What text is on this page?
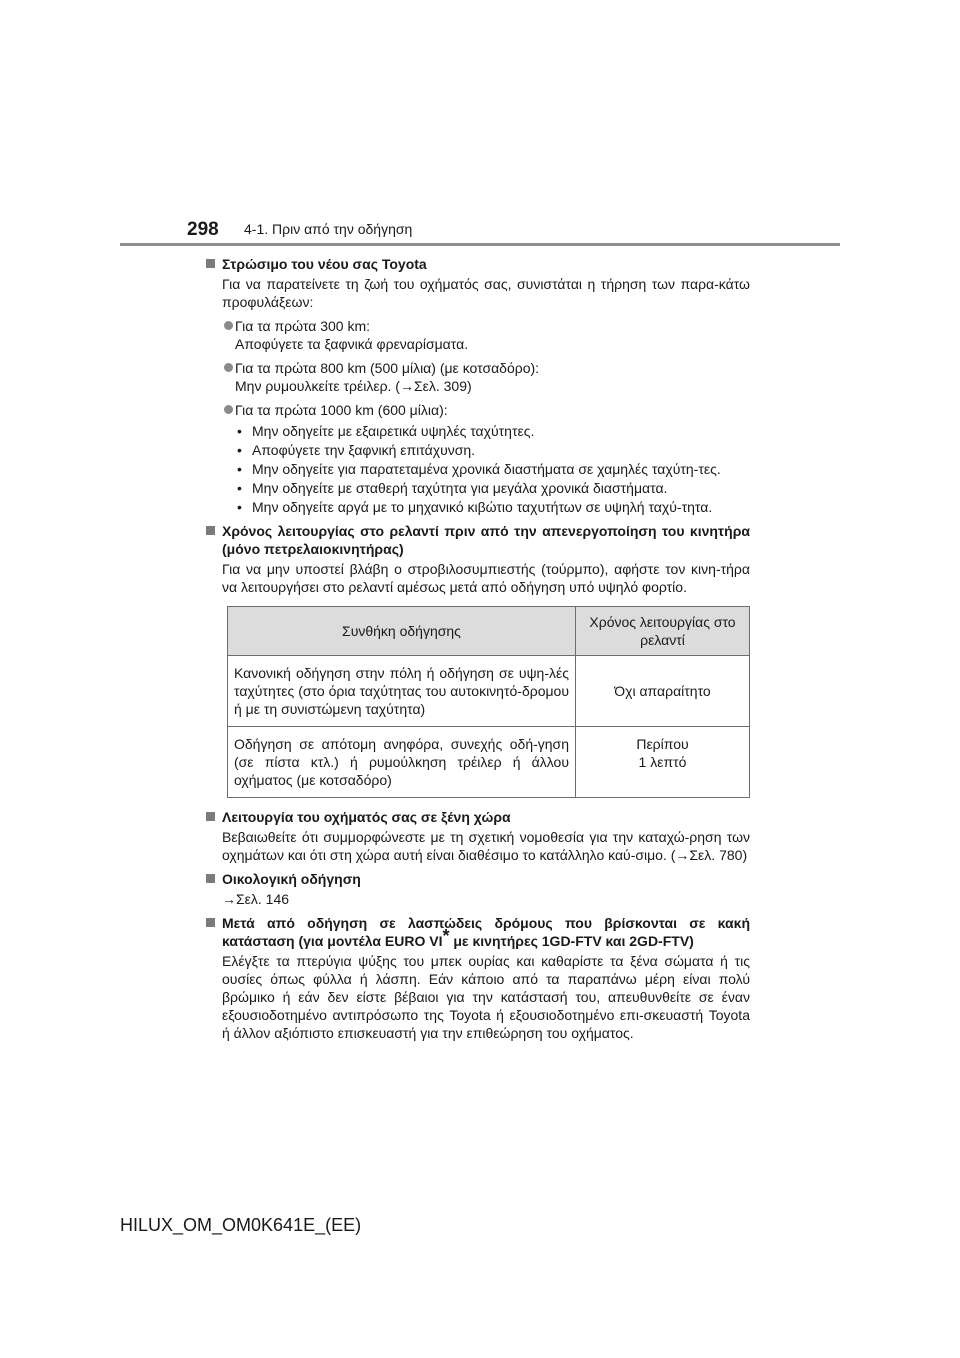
298 4-1. Πριν από την οδήγηση
Στρώσιμο του νέου σας Toyota
Για να παρατείνετε τη ζωή του οχήματός σας, συνιστάται η τήρηση των παρα-κάτω προφυλάξεων:
Για τα πρώτα 300 km:
Αποφύγετε τα ξαφνικά φρεναρίσματα.
Για τα πρώτα 800 km (500 μίλια) (με κοτσαδόρο):
Μην ρυμουλκείτε τρέιλερ. (→Σελ. 309)
Για τα πρώτα 1000 km (600 μίλια):
• Μην οδηγείτε με εξαιρετικά υψηλές ταχύτητες.
• Αποφύγετε την ξαφνική επιτάχυνση.
• Μην οδηγείτε για παρατεταμένα χρονικά διαστήματα σε χαμηλές ταχύτη-τες.
• Μην οδηγείτε με σταθερή ταχύτητα για μεγάλα χρονικά διαστήματα.
• Μην οδηγείτε αργά με το μηχανικό κιβώτιο ταχυτήτων σε υψηλή ταχύ-τητα.
Χρόνος λειτουργίας στο ρελαντί πριν από την απενεργοποίηση του κινητήρα (μόνο πετρελαιοκινητήρας)
Για να μην υποστεί βλάβη ο στροβιλοσυμπιεστής (τούρμπο), αφήστε τον κινη-τήρα να λειτουργήσει στο ρελαντί αμέσως μετά από οδήγηση υπό υψηλό φορτίο.
Συνθήκη οδήγησης	Χρόνος λειτουργίας στο ρελαντί
Κανονική οδήγηση στην πόλη ή οδήγηση σε υψη-λές ταχύτητες (στο όρια ταχύτητας του αυτοκινητό-δρομου ή με τη συνιστώμενη ταχύτητα)	Όχι απαραίτητο
Οδήγηση σε απότομη ανηφόρα, συνεχής οδή-γηση (σε πίστα κτλ.) ή ρυμούλκηση τρέιλερ ή άλλου οχήματος (με κοτσαδόρο)	Περίπου
1 λεπτό
Λειτουργία του οχήματός σας σε ξένη χώρα
Βεβαιωθείτε ότι συμμορφώνεστε με τη σχετική νομοθεσία για την καταχώ-ρηση των οχημάτων και ότι στη χώρα αυτή είναι διαθέσιμο το κατάλληλο καύ-σιμο. (→Σελ. 780)
Οικολογική οδήγηση
→Σελ. 146
Μετά από οδήγηση σε λασπώδεις δρόμους που βρίσκονται σε κακή κατάσταση (για μοντέλα EURO VI* με κινητήρες 1GD-FTV και 2GD-FTV)
Ελέγξτε τα πτερύγια ψύξης του μπεκ ουρίας και καθαρίστε τα ξένα σώματα ή τις ουσίες όπως φύλλα ή λάσπη. Εάν κάποιο από τα παραπάνω μέρη είναι πολύ βρώμικο ή εάν δεν είστε βέβαιοι για την κατάστασή του, απευθυνθείτε σε έναν εξουσιοδοτημένο αντιπρόσωπο της Toyota ή εξουσιοδοτημένο επι-σκευαστή Toyota ή άλλον αξιόπιστο επισκευαστή για την επιθεώρηση του οχήματος.
HILUX_OM_OM0K641E_(EE)
